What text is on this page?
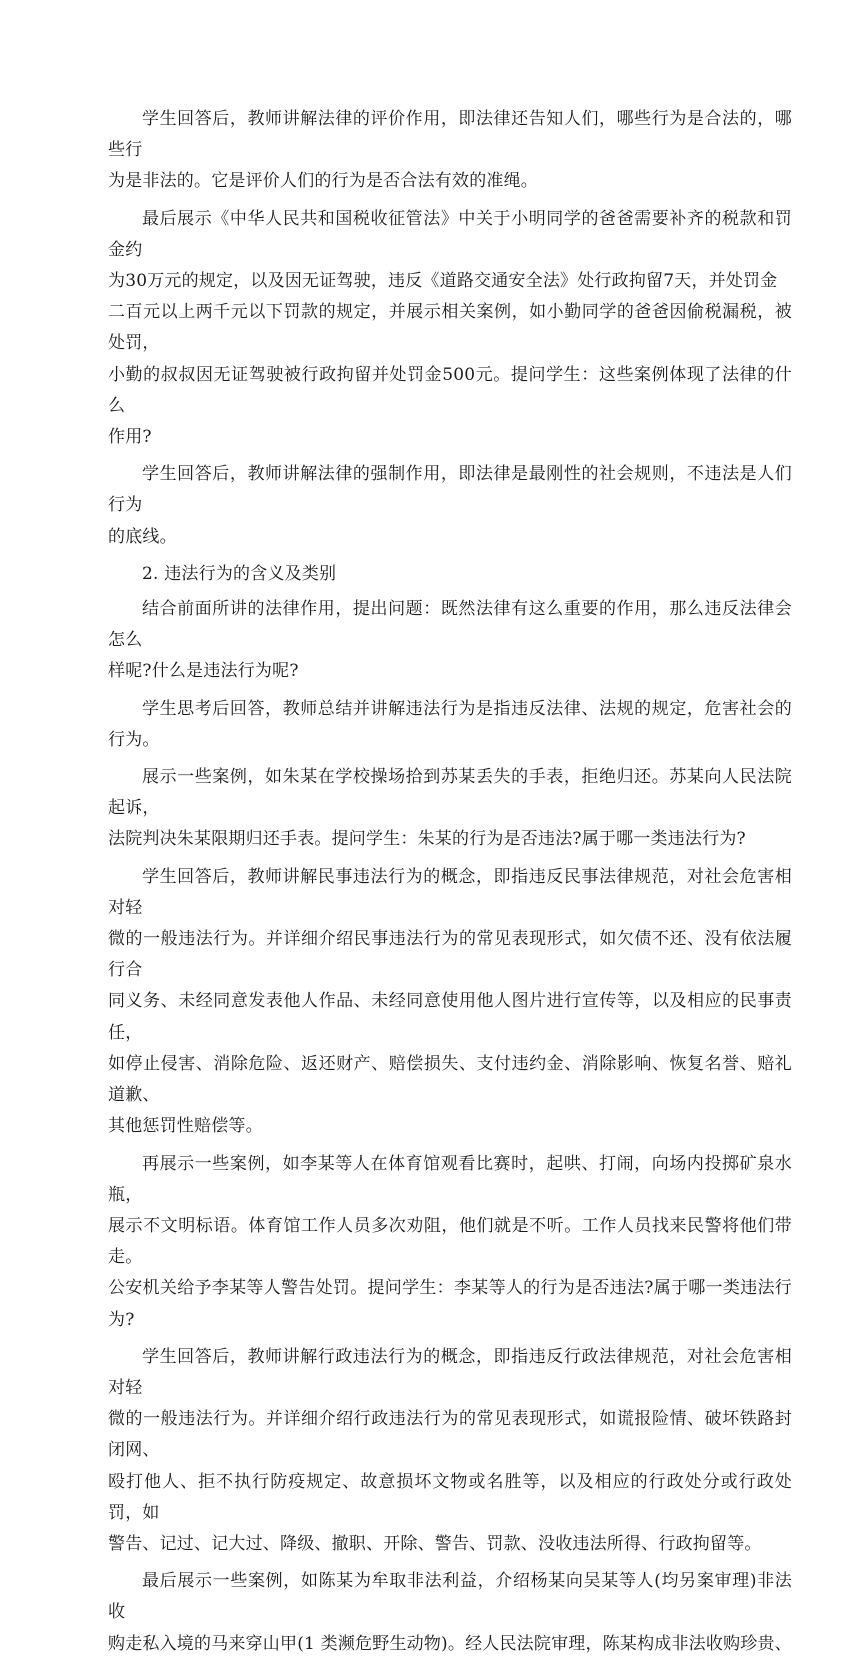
学生回答后，教师讲解法律的评价作用，即法律还告知人们，哪些行为是合法的，哪些行
为是非法的。它是评价人们的行为是否合法有效的准绳。

最后展示《中华人民共和国税收征管法》中关于小明同学的爸爸需要补齐的税款和罚金约
为30万元的规定，以及因无证驾驶，违反《道路交通安全法》处行政拘留7天，并处罚金
二百元以上两千元以下罚款的规定，并展示相关案例，如小勤同学的爸爸因偷税漏税，被处罚，
小勤的叔叔因无证驾驶被行政拘留并处罚金500元。提问学生：这些案例体现了法律的什么
作用?

学生回答后，教师讲解法律的强制作用，即法律是最刚性的社会规则，不违法是人们行为
的底线。

2. 违法行为的含义及类别

结合前面所讲的法律作用，提出问题：既然法律有这么重要的作用，那么违反法律会怎么
样呢?什么是违法行为呢?

学生思考后回答，教师总结并讲解违法行为是指违反法律、法规的规定，危害社会的行为。

展示一些案例，如朱某在学校操场拾到苏某丢失的手表，拒绝归还。苏某向人民法院起诉，
法院判决朱某限期归还手表。提问学生：朱某的行为是否违法?属于哪一类违法行为?

学生回答后，教师讲解民事违法行为的概念，即指违反民事法律规范，对社会危害相对轻
微的一般违法行为。并详细介绍民事违法行为的常见表现形式，如欠债不还、没有依法履行合
同义务、未经同意发表他人作品、未经同意使用他人图片进行宣传等，以及相应的民事责任，
如停止侵害、消除危险、返还财产、赔偿损失、支付违约金、消除影响、恢复名誉、赔礼道歉、
其他惩罚性赔偿等。

再展示一些案例，如李某等人在体育馆观看比赛时，起哄、打闹，向场内投掷矿泉水瓶，
展示不文明标语。体育馆工作人员多次劝阻，他们就是不听。工作人员找来民警将他们带走。
公安机关给予李某等人警告处罚。提问学生：李某等人的行为是否违法?属于哪一类违法行为?

学生回答后，教师讲解行政违法行为的概念，即指违反行政法律规范，对社会危害相对轻
微的一般违法行为。并详细介绍行政违法行为的常见表现形式，如谎报险情、破坏铁路封闭网、
殴打他人、拒不执行防疫规定、故意损坏文物或名胜等，以及相应的行政处分或行政处罚，如
警告、记过、记大过、降级、撤职、开除、警告、罚款、没收违法所得、行政拘留等。

最后展示一些案例，如陈某为牟取非法利益，介绍杨某向吴某等人(均另案审理)非法收
购走私入境的马来穿山甲(1 类濒危野生动物)。经人民法院审理，陈某构成非法收购珍贵、
